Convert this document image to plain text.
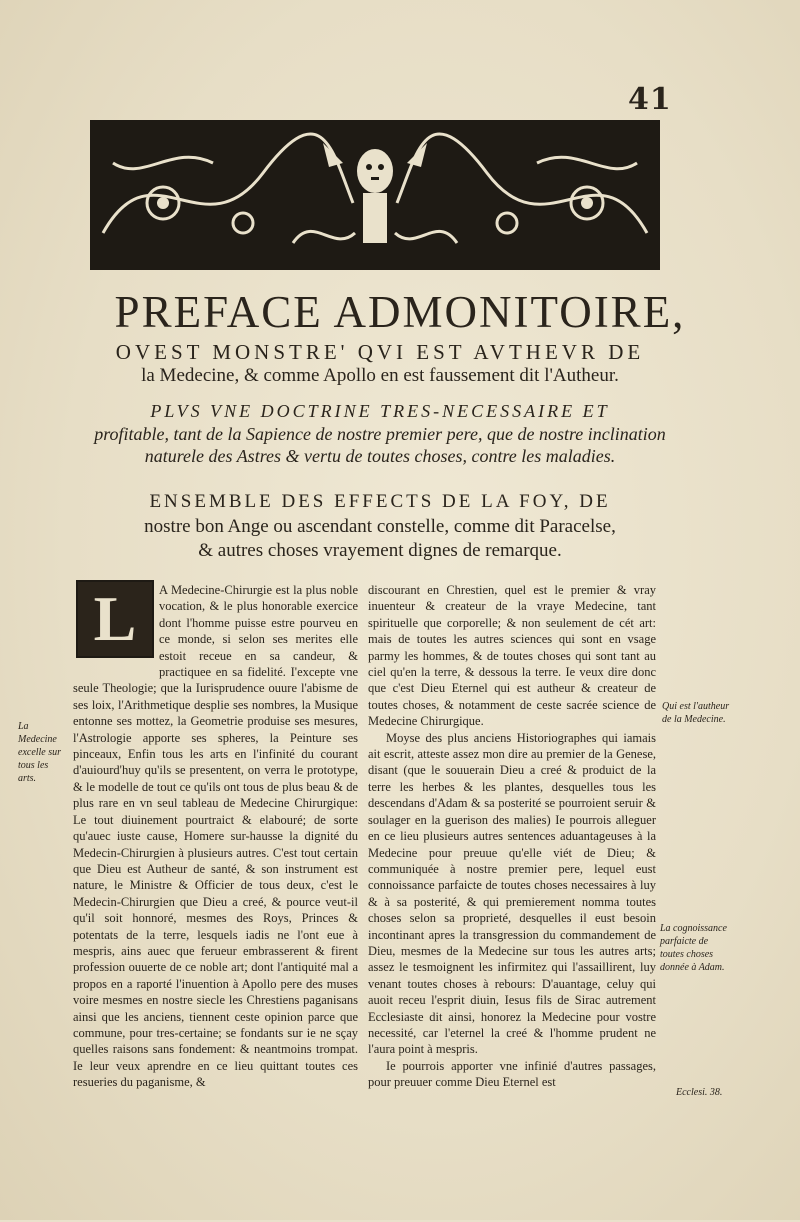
41
PREFACE ADMONITOIRE,
OVEST MONSTRE' QVI EST AVTHEVR DE
la Medecine, & comme Apollo en est faussement dit l'Autheur.
PLVS VNE DOCTRINE TRES-NECESSAIRE ET
profitable, tant de la Sapience de nostre premier pere, que de nostre inclination
naturele des Astres & vertu de toutes choses, contre les maladies.
ENSEMBLE DES EFFECTS DE LA FOY, DE
nostre bon Ange ou ascendant constelle, comme dit Paracelse,
& autres choses vrayement dignes de remarque.

A Medecine-Chirurgie est la plus noble vocation, & le plus honorable exercice dont l'homme puisse estre pourveu en ce monde, si selon ses merites elle estoit receue en sa candeur, & practiquee en sa fidelité. I'excepte vne seule Theologie; que la Iurisprudence ouure l'abisme de ses loix, l'Arithmetique desplie ses nombres, la Musique entonne ses mottez, la Geometrie produise ses mesures, l'Astrologie apporte ses spheres, la Peinture ses pinceaux, Enfin tous les arts en l'infinité du courant d'auiourd'huy qu'ils se presentent, on verra le prototype, & le modelle de tout ce qu'ils ont tous de plus beau & de plus rare en vn seul tableau de Medecine Chirurgique: Le tout diuinement pourtraict & elabouré; de sorte qu'auec iuste cause, Homere sur-hausse la dignité du Medecin-Chirurgien à plusieurs autres. C'est tout certain que Dieu est Autheur de santé, & son instrument est nature, le Ministre & Officier de tous deux, c'est le Medecin-Chirurgien que Dieu a creé, & pource veut-il qu'il soit honnoré, mesmes des Roys, Princes & potentats de la terre, lesquels iadis ne l'ont eue à mespris, ains auec que ferueur embrasserent & firent profession ouuerte de ce noble art; dont l'antiquité mal a propos en a raporté l'inuention à Apollo pere des muses voire mesmes en nostre siecle les Chrestiens paganisans ainsi que les anciens, tiennent ceste opinion parce que commune, pour tres-certaine; se fondants sur ie ne sçay quelles raisons sans fondement: & neantmoins trompat. Ie leur veux aprendre en ce lieu quittant toutes ces resueries du paganisme, &

L	discourant en Chrestien, quel est le premier & vray inuenteur & createur de la vraye Medecine, tant spirituelle que corporelle; & non seulement de cét art: mais de toutes les autres sciences qui sont en vsage parmy les hommes, & de toutes choses qui sont tant au ciel qu'en la terre, & dessous la terre. Ie veux dire donc que c'est Dieu Eternel qui est autheur & createur de toutes choses, & notamment de ceste sacrée science de Medecine Chirurgique.

Moyse des plus anciens Historiographes qui iamais ait escrit, atteste assez mon dire au premier de la Genese, disant (que le souuerain Dieu a creé & produict de la terre les herbes & les plantes, desquelles tous les descendans d'Adam & sa posterité se pourroient seruir & soulager en la guerison des malies) Ie pourrois alleguer en ce lieu plusieurs autres sentences aduantageuses à la Medecine pour preuue qu'elle viét de Dieu; & communiquée à nostre premier pere, lequel eust connoissance parfaicte de toutes choses necessaires à luy & à sa posterité, & qui premierement nomma toutes choses selon sa proprieté, desquelles il eust besoin incontinant apres la transgression du commandement de Dieu, mesmes de la Medecine sur tous les autres arts; assez le tesmoignent les infirmitez qui l'assaillirent, luy venant toutes choses à rebours: D'auantage, celuy qui auoit receu l'esprit diuin, Iesus fils de Sirac autrement Ecclesiaste dit ainsi, honorez la Medecine pour vostre necessité, car l'eternel la creé & l'homme prudent ne l'aura point à mespris.

Ie pourrois apporter vne infinié d'autres passages, pour preuuer comme Dieu Eternel est

La Medecine excelle sur tous les arts.
Qui est l'autheur de la Medecine.
La cognoissance parfaicte de toutes choses donnée à Adam.
Ecclesi. 38.
